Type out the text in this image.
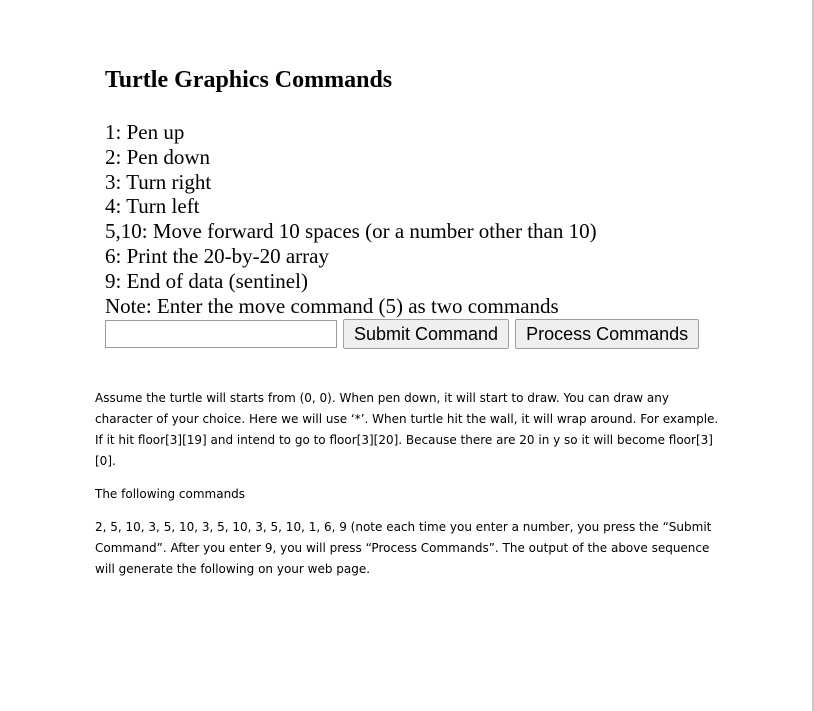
Turtle Graphics Commands
1: Pen up
2: Pen down
3: Turn right
4: Turn left
5,10: Move forward 10 spaces (or a number other than 10)
6: Print the 20-by-20 array
9: End of data (sentinel)
Note: Enter the move command (5) as two commands
Submit Command	Process Commands

Assume the turtle will starts from (0, 0). When pen down, it will start to draw. You can draw any character of your choice. Here we will use ‘*’. When turtle hit the wall, it will wrap around. For example. If it hit floor[3][19] and intend to go to floor[3][20]. Because there are 20 in y so it will become floor[3][0].

The following commands

2, 5, 10, 3, 5, 10, 3, 5, 10, 3, 5, 10, 1, 6, 9 (note each time you enter a number, you press the “Submit Command”. After you enter 9, you will press “Process Commands”. The output of the above sequence will generate the following on your web page.
